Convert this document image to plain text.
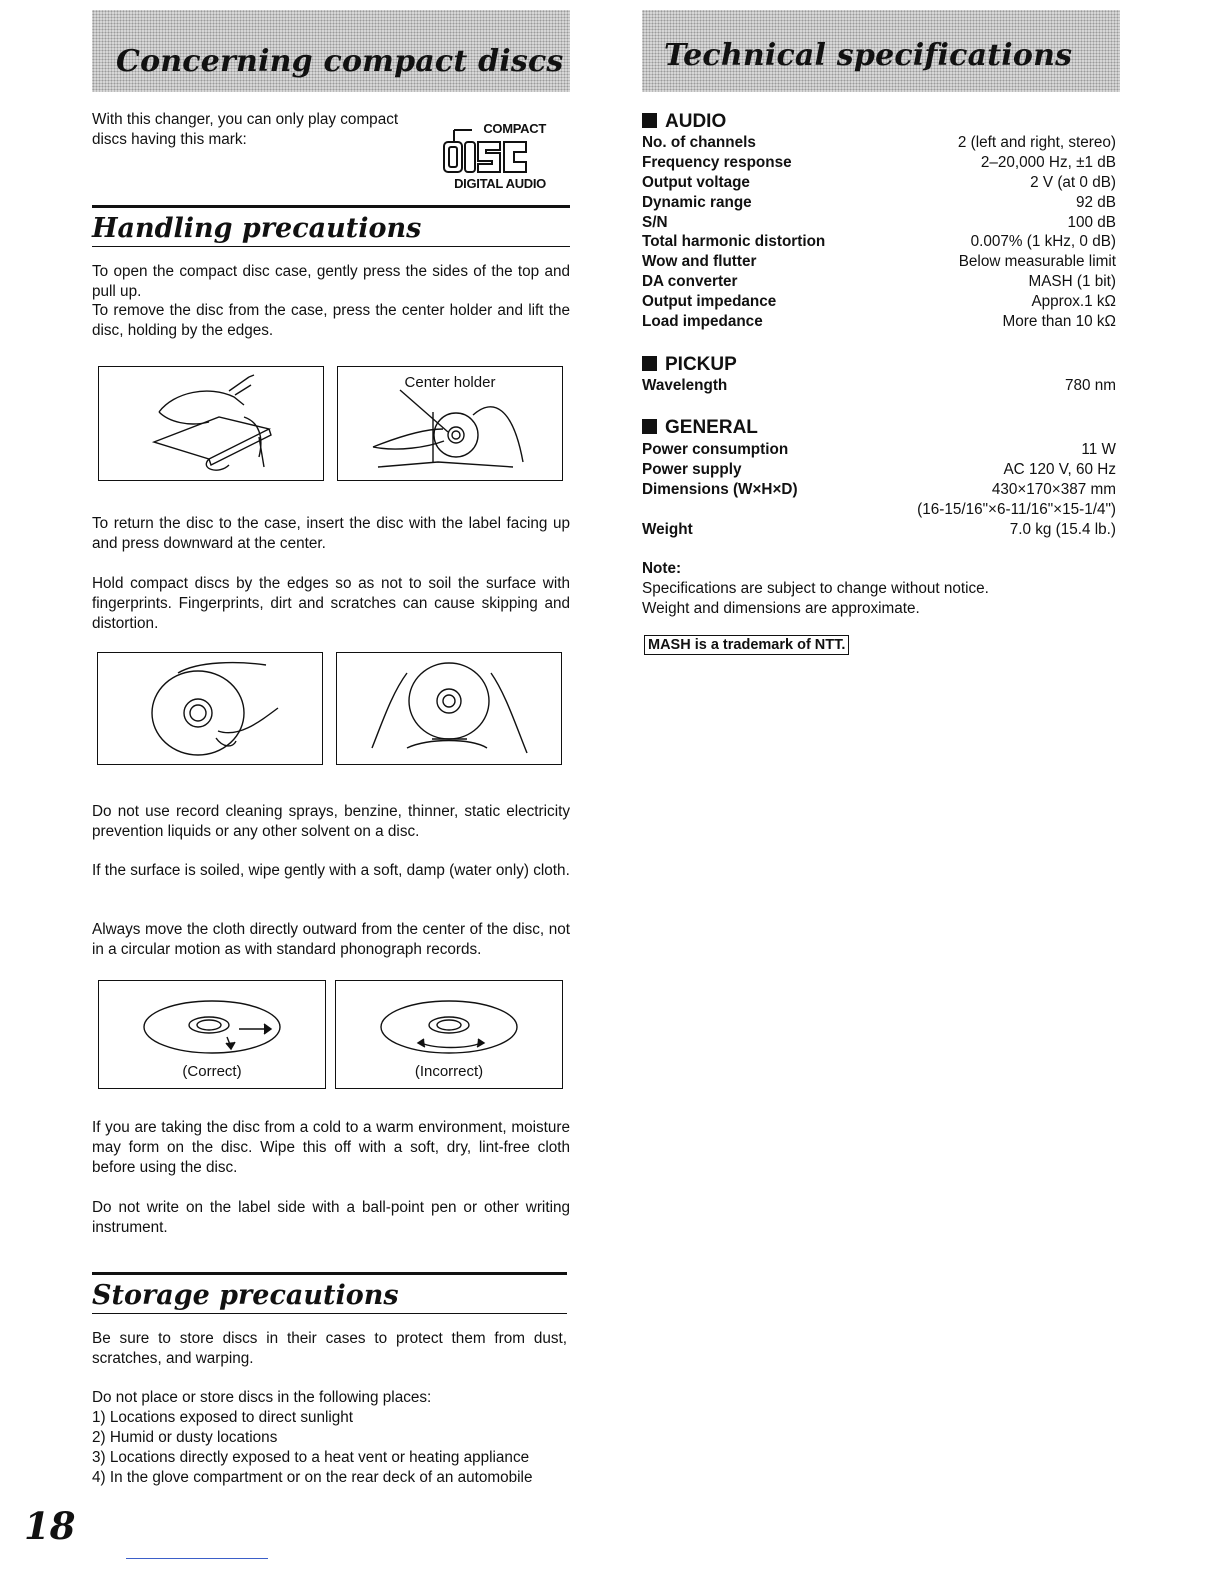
Concerning compact discs

With this changer, you can only play compact discs having this mark:

COMPACT
DIGITAL AUDIO
Handling precautions

To open the compact disc case, gently press the sides of the top and pull up.

To remove the disc from the case, press the center holder and lift the disc, holding by the edges.

Center holder

To return the disc to the case, insert the disc with the label facing up and press downward at the center.

Hold compact discs by the edges so as not to soil the surface with fingerprints. Fingerprints, dirt and scratches can cause skipping and distortion.

Do not use record cleaning sprays, benzine, thinner, static electricity prevention liquids or any other solvent on a disc.

If the surface is soiled, wipe gently with a soft, damp (water only) cloth.

Always move the cloth directly outward from the center of the disc, not in a circular motion as with standard phonograph records.

(Correct)	(Incorrect)

If you are taking the disc from a cold to a warm environment, moisture may form on the disc. Wipe this off with a soft, dry, lint-free cloth before using the disc.

Do not write on the label side with a ball-point pen or other writing instrument.

Storage precautions

Be sure to store discs in their cases to protect them from dust, scratches, and warping.

Do not place or store discs in the following places:

1) Locations exposed to direct sunlight
2) Humid or dusty locations
3) Locations directly exposed to a heat vent or heating appliance
4) In the glove compartment or on the rear deck of an automobile
Technical specifications
AUDIO
No. of channels	2 (left and right, stereo)
Frequency response	2–20,000 Hz, ±1 dB
Output voltage	2 V (at 0 dB)
Dynamic range	92 dB
S/N	100 dB
Total harmonic distortion	0.007% (1 kHz, 0 dB)
Wow and flutter	Below measurable limit
DA converter	MASH (1 bit)
Output impedance	Approx.1 kΩ
Load impedance	More than 10 kΩ
PICKUP
Wavelength	780 nm
GENERAL
Power consumption	11 W
Power supply	AC 120 V, 60 Hz
Dimensions (W×H×D)	430×170×387 mm
(16-15/16"×6-11/16"×15-1/4")
Weight	7.0 kg (15.4 lb.)

Note:

Specifications are subject to change without notice.

Weight and dimensions are approximate.

MASH is a trademark of NTT.

18
